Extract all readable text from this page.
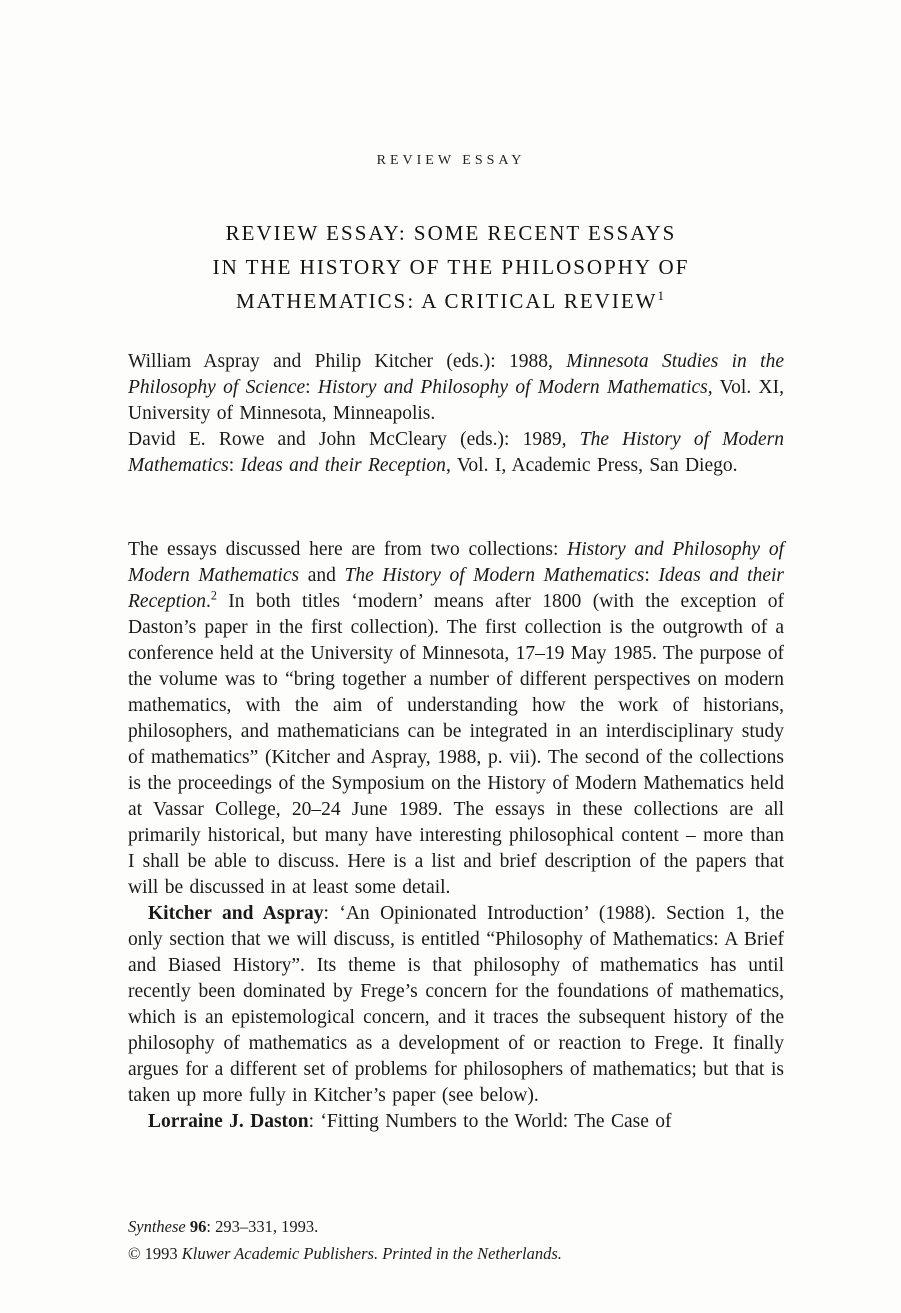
REVIEW ESSAY
REVIEW ESSAY: SOME RECENT ESSAYS
IN THE HISTORY OF THE PHILOSOPHY OF
MATHEMATICS: A CRITICAL REVIEW$^1$

William Aspray and Philip Kitcher (eds.): 1988, Minnesota Studies in the Philosophy of Science: History and Philosophy of Modern Mathematics, Vol. XI, University of Minnesota, Minneapolis.

David E. Rowe and John McCleary (eds.): 1989, The History of Modern Mathematics: Ideas and their Reception, Vol. I, Academic Press, San Diego.

The essays discussed here are from two collections: History and Philosophy of Modern Mathematics and The History of Modern Mathematics: Ideas and their Reception.$^2$ In both titles ‘modern’ means after 1800 (with the exception of Daston’s paper in the first collection). The first collection is the outgrowth of a conference held at the University of Minnesota, 17–19 May 1985. The purpose of the volume was to “bring together a number of different perspectives on modern mathematics, with the aim of understanding how the work of historians, philosophers, and mathematicians can be integrated in an interdisciplinary study of mathematics” (Kitcher and Aspray, 1988, p. vii). The second of the collections is the proceedings of the Symposium on the History of Modern Mathematics held at Vassar College, 20–24 June 1989. The essays in these collections are all primarily historical, but many have interesting philosophical content – more than I shall be able to discuss. Here is a list and brief description of the papers that will be discussed in at least some detail.

Kitcher and Aspray: ‘An Opinionated Introduction’ (1988). Section 1, the only section that we will discuss, is entitled “Philosophy of Mathematics: A Brief and Biased History”. Its theme is that philosophy of mathematics has until recently been dominated by Frege’s concern for the foundations of mathematics, which is an epistemological concern, and it traces the subsequent history of the philosophy of mathematics as a development of or reaction to Frege. It finally argues for a different set of problems for philosophers of mathematics; but that is taken up more fully in Kitcher’s paper (see below).

Lorraine J. Daston: ‘Fitting Numbers to the World: The Case of

Synthese 96: 293–331, 1993.
© 1993 Kluwer Academic Publishers. Printed in the Netherlands.
